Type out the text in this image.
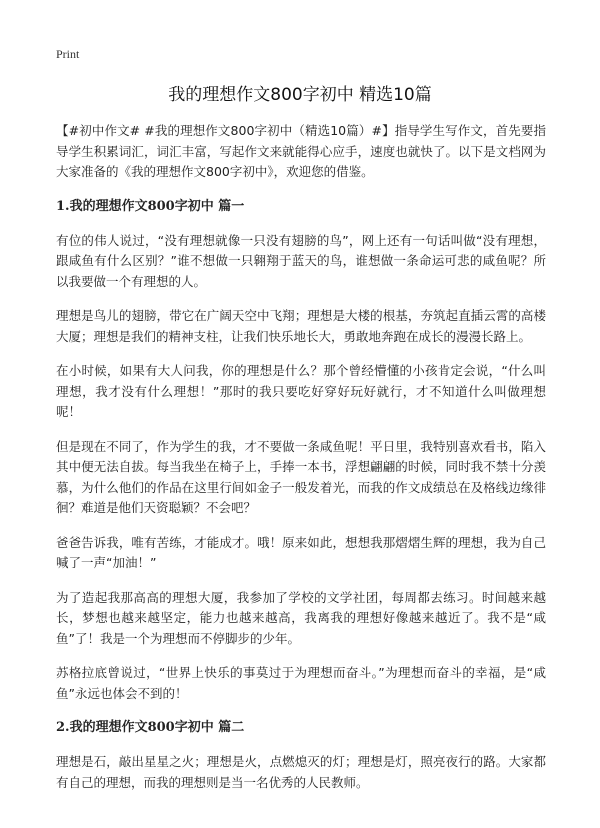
Print
我的理想作文800字初中 精选10篇

【#初中作文# #我的理想作文800字初中（精选10篇）#】指导学生写作文，首先要指导学生积累词汇，词汇丰富，写起作文来就能得心应手，速度也就快了。以下是文档网为大家准备的《我的理想作文800字初中》，欢迎您的借鉴。

1.我的理想作文800字初中 篇一

有位的伟人说过，“没有理想就像一只没有翅膀的鸟”，网上还有一句话叫做“没有理想，跟咸鱼有什么区别？”谁不想做一只翱翔于蓝天的鸟，谁想做一条命运可悲的咸鱼呢？所以我要做一个有理想的人。

理想是鸟儿的翅膀，带它在广阔天空中飞翔；理想是大楼的根基，夯筑起直插云霄的高楼大厦；理想是我们的精神支柱，让我们快乐地长大，勇敢地奔跑在成长的漫漫长路上。

在小时候，如果有大人问我，你的理想是什么？那个曾经懵懂的小孩肯定会说，“什么叫理想，我才没有什么理想！”那时的我只要吃好穿好玩好就行，才不知道什么叫做理想呢！

但是现在不同了，作为学生的我，才不要做一条咸鱼呢！平日里，我特别喜欢看书，陷入其中便无法自拔。每当我坐在椅子上，手捧一本书，浮想翩翩的时候，同时我不禁十分羡慕，为什么他们的作品在这里行间如金子一般发着光，而我的作文成绩总在及格线边缘徘徊？难道是他们天资聪颖？不会吧？

爸爸告诉我，唯有苦练，才能成才。哦！原来如此，想想我那熠熠生辉的理想，我为自己喊了一声“加油！”

为了造起我那高高的理想大厦，我参加了学校的文学社团，每周都去练习。时间越来越长，梦想也越来越坚定，能力也越来越高，我离我的理想好像越来越近了。我不是“咸鱼”了！我是一个为理想而不停脚步的少年。

苏格拉底曾说过，“世界上快乐的事莫过于为理想而奋斗。”为理想而奋斗的幸福，是“咸鱼”永远也体会不到的！

2.我的理想作文800字初中 篇二

理想是石，敲出星星之火；理想是火，点燃熄灭的灯；理想是灯，照亮夜行的路。大家都有自己的理想，而我的理想则是当一名优秀的人民教师。
